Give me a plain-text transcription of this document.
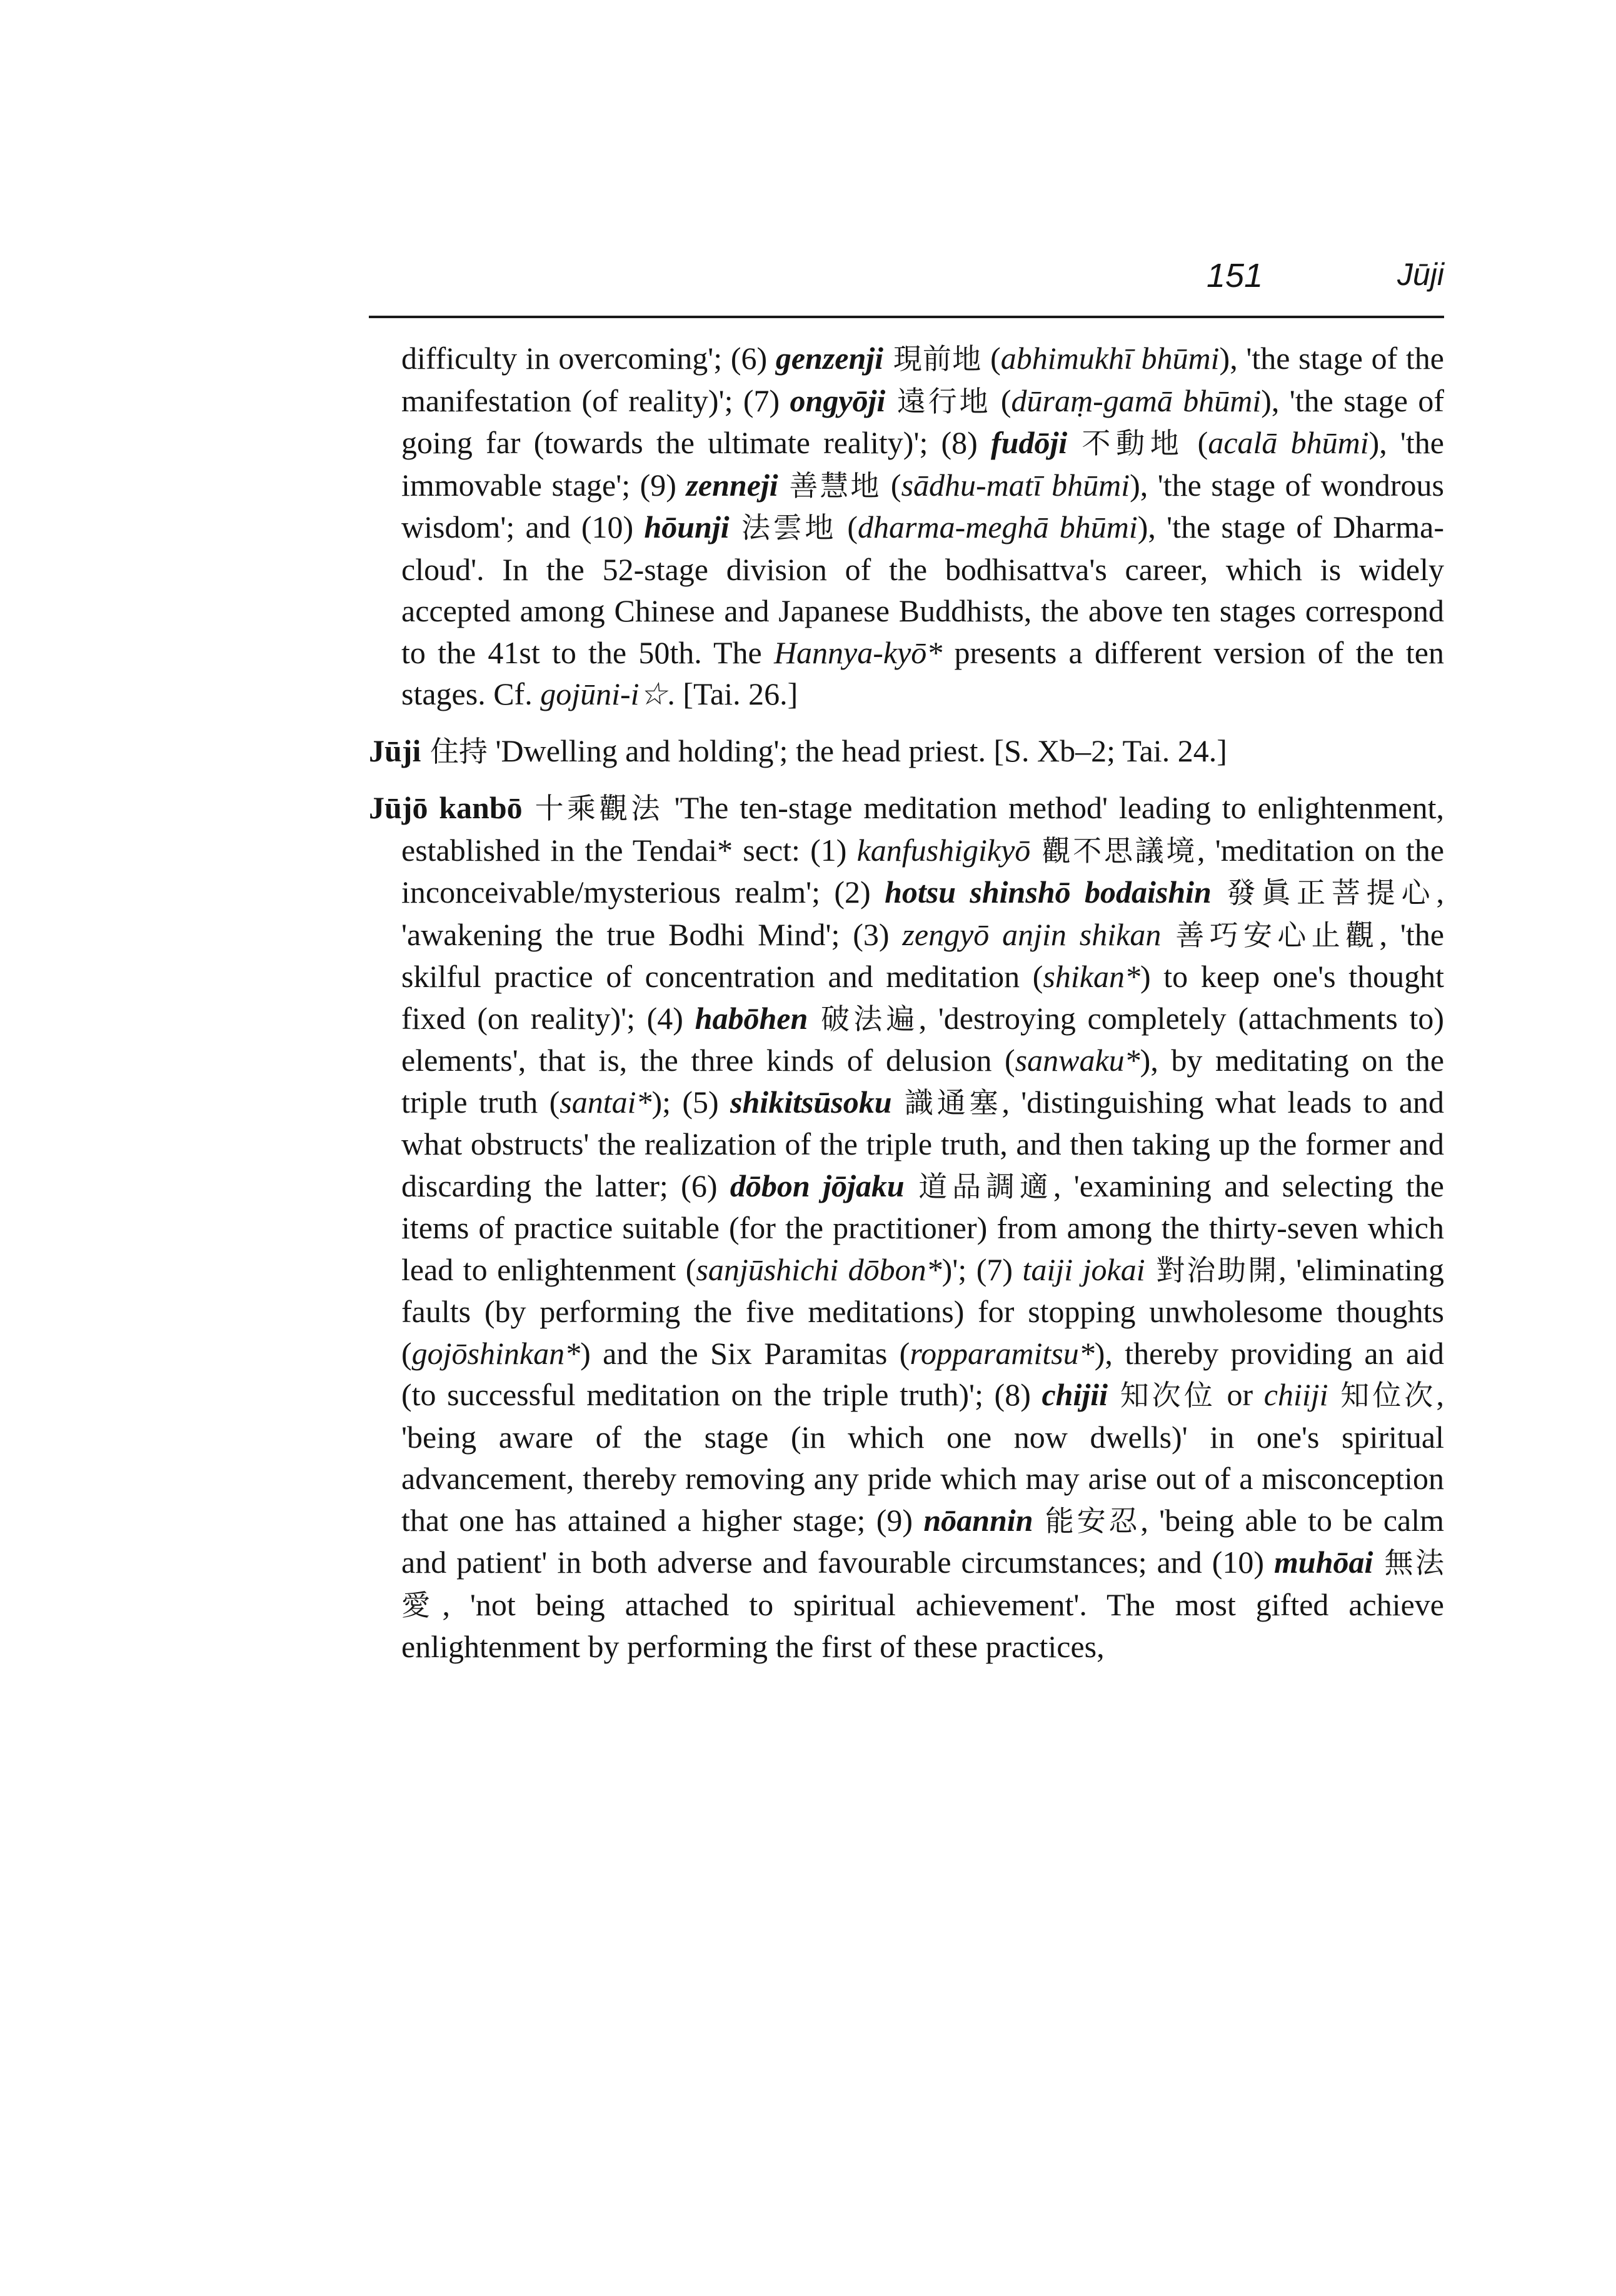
151	Jūji

difficulty in overcoming'; (6) genzenji 現前地 (abhimukhī bhūmi), 'the stage of the manifestation (of reality)'; (7) ongyōji 遠行地 (dūraṃ-gamā bhūmi), 'the stage of going far (towards the ultimate reality)'; (8) fudōji 不動地 (acalā bhūmi), 'the immovable stage'; (9) zenneji 善慧地 (sādhu-matī bhūmi), 'the stage of wondrous wisdom'; and (10) hōunji 法雲地 (dharma-meghā bhūmi), 'the stage of Dharma-cloud'. In the 52-stage division of the bodhisattva's career, which is widely accepted among Chinese and Japanese Buddhists, the above ten stages correspond to the 41st to the 50th. The Hannya-kyō* presents a different version of the ten stages. Cf. gojūni-i☆. [Tai. 26.]

Jūji 住持 'Dwelling and holding'; the head priest. [S. Xb–2; Tai. 24.]

Jūjō kanbō 十乘觀法 'The ten-stage meditation method' leading to enlightenment, established in the Tendai* sect: (1) kanfushigikyō 觀不思議境, 'meditation on the inconceivable/mysterious realm'; (2) hotsu shinshō bodaishin 發眞正菩提心, 'awakening the true Bodhi Mind'; (3) zengyō anjin shikan 善巧安心止觀, 'the skilful practice of concentration and meditation (shikan*) to keep one's thought fixed (on reality)'; (4) habōhen 破法遍, 'destroying completely (attachments to) elements', that is, the three kinds of delusion (sanwaku*), by meditating on the triple truth (santai*); (5) shikitsūsoku 識通塞, 'distinguishing what leads to and what obstructs' the realization of the triple truth, and then taking up the former and discarding the latter; (6) dōbon jōjaku 道品調適, 'examining and selecting the items of practice suitable (for the practitioner) from among the thirty-seven which lead to enlightenment (sanjūshichi dōbon*)'; (7) taiji jokai 對治助開, 'eliminating faults (by performing the five meditations) for stopping unwholesome thoughts (gojōshinkan*) and the Six Paramitas (ropparamitsu*), thereby providing an aid (to successful meditation on the triple truth)'; (8) chijii 知次位 or chiiji 知位次, 'being aware of the stage (in which one now dwells)' in one's spiritual advancement, thereby removing any pride which may arise out of a misconception that one has attained a higher stage; (9) nōannin 能安忍, 'being able to be calm and patient' in both adverse and favourable circumstances; and (10) muhōai 無法愛, 'not being attached to spiritual achievement'. The most gifted achieve enlightenment by performing the first of these practices,
